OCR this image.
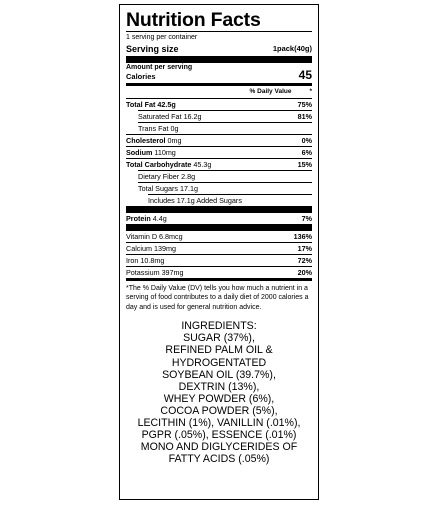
Nutrition Facts
1 serving per container
Serving size	1pack(40g)
Amount per serving
Calories	45
% Daily Value	*
Total Fat 42.5g	75%
Saturated Fat 16.2g	81%
Trans Fat 0g
Cholesterol 0mg	0%
Sodium 110mg	6%
Total Carbohydrate 45.3g	15%
Dietary Fiber 2.8g
Total Sugars 17.1g
Includes 17.1g Added Sugars
Protein 4.4g	7%
Vitamin D 6.8mcg	136%
Calcium 139mg	17%
Iron 10.8mg	72%
Potassium 397mg	20%
*The % Daily Value (DV) tells you how much a nutrient in a serving of food contributes to a daily diet of 2000 calories a day and is used for general nutrition advice.
INGREDIENTS:
SUGAR (37%),
REFINED PALM OIL &
HYDROGENTATED
SOYBEAN OIL (39.7%),
DEXTRIN (13%),
WHEY POWDER (6%),
COCOA POWDER (5%),
LECITHIN (1%), VANILLIN (.01%),
PGPR (.05%), ESSENCE (.01%)
MONO AND DIGLYCERIDES OF
FATTY ACIDS (.05%)
